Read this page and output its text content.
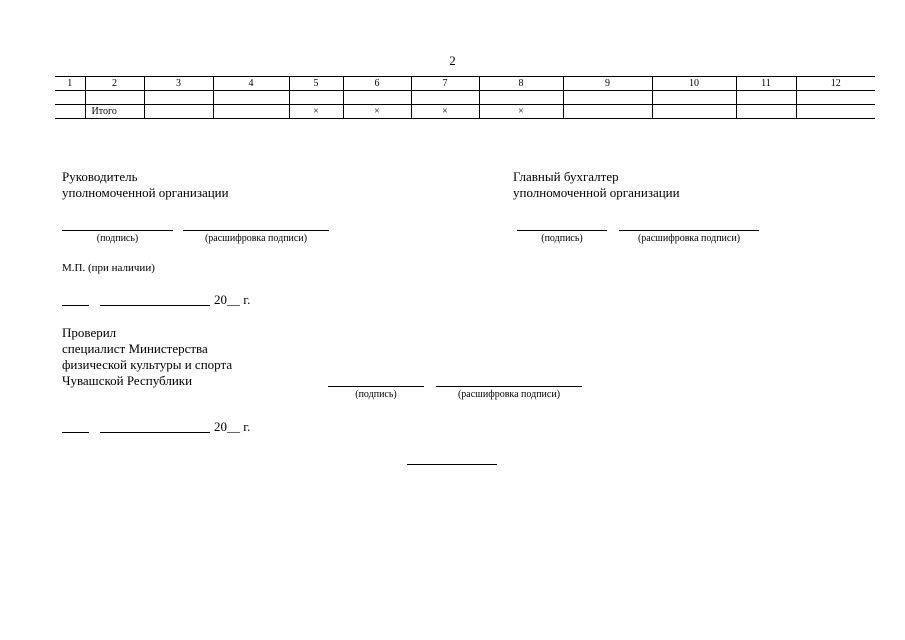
2
1	2	3	4	5	6	7	8	9	10	11	12

	Итого			×	×	×	×				
Руководитель
уполномоченной организации
(подпись)	(расшифровка подписи)
Главный бухгалтер
уполномоченной организации
(подпись)	(расшифровка подписи)
М.П. (при наличии)
20__ г.
Проверил
специалист Министерства
физической культуры и спорта
Чувашской Республики
(подпись)	(расшифровка подписи)
20__ г.
